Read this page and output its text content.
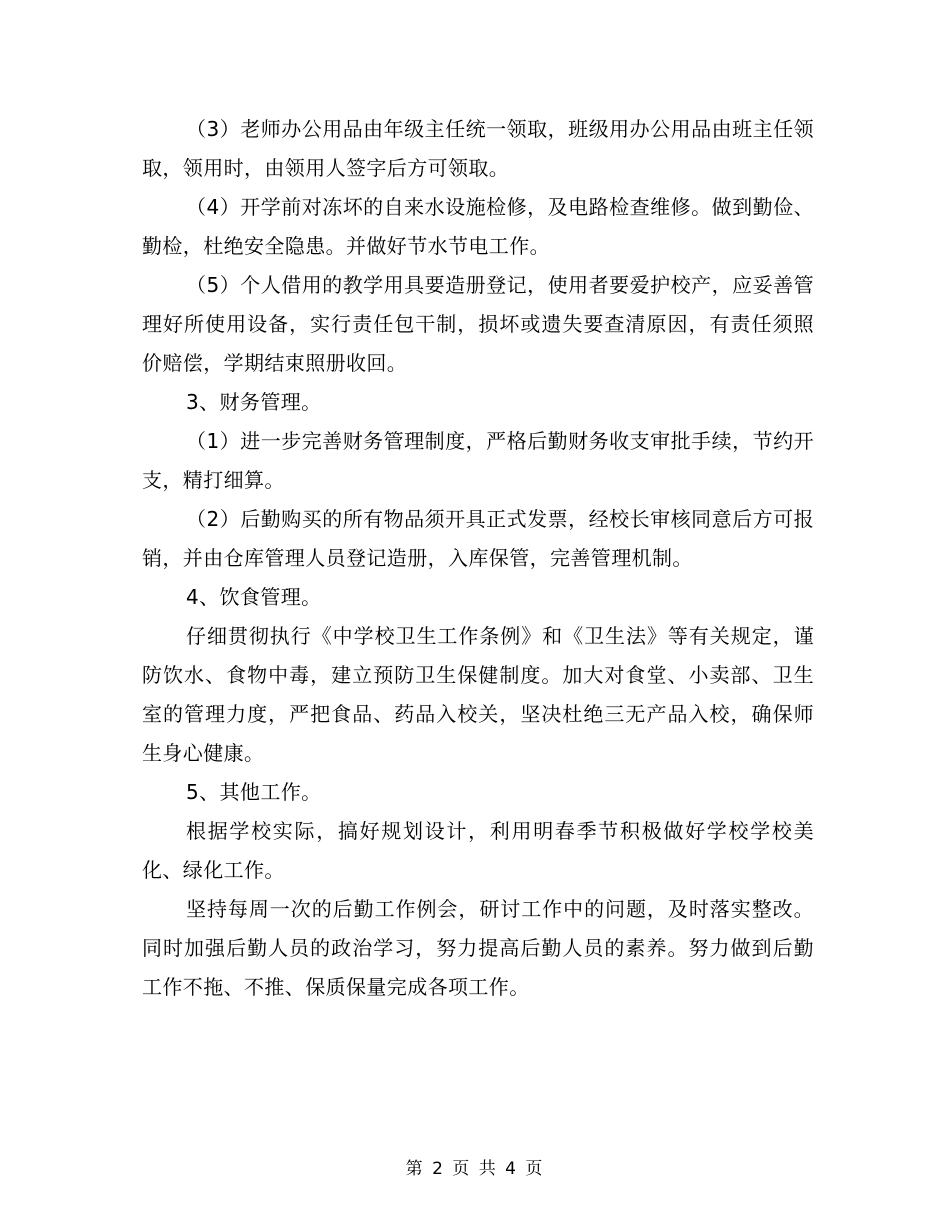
（3）老师办公用品由年级主任统一领取，班级用办公用品由班主任领取，领用时，由领用人签字后方可领取。

（4）开学前对冻坏的自来水设施检修，及电路检查维修。做到勤俭、勤检，杜绝安全隐患。并做好节水节电工作。

（5）个人借用的教学用具要造册登记，使用者要爱护校产，应妥善管理好所使用设备，实行责任包干制，损坏或遗失要查清原因，有责任须照价赔偿，学期结束照册收回。

3、财务管理。

（1）进一步完善财务管理制度，严格后勤财务收支审批手续，节约开支，精打细算。

（2）后勤购买的所有物品须开具正式发票，经校长审核同意后方可报销，并由仓库管理人员登记造册，入库保管，完善管理机制。

4、饮食管理。

仔细贯彻执行《中学校卫生工作条例》和《卫生法》等有关规定，谨防饮水、食物中毒，建立预防卫生保健制度。加大对食堂、小卖部、卫生室的管理力度，严把食品、药品入校关，坚决杜绝三无产品入校，确保师生身心健康。

5、其他工作。

根据学校实际，搞好规划设计，利用明春季节积极做好学校学校美化、绿化工作。

坚持每周一次的后勤工作例会，研讨工作中的问题，及时落实整改。同时加强后勤人员的政治学习，努力提高后勤人员的素养。努力做到后勤工作不拖、不推、保质保量完成各项工作。

第 2 页 共 4 页
